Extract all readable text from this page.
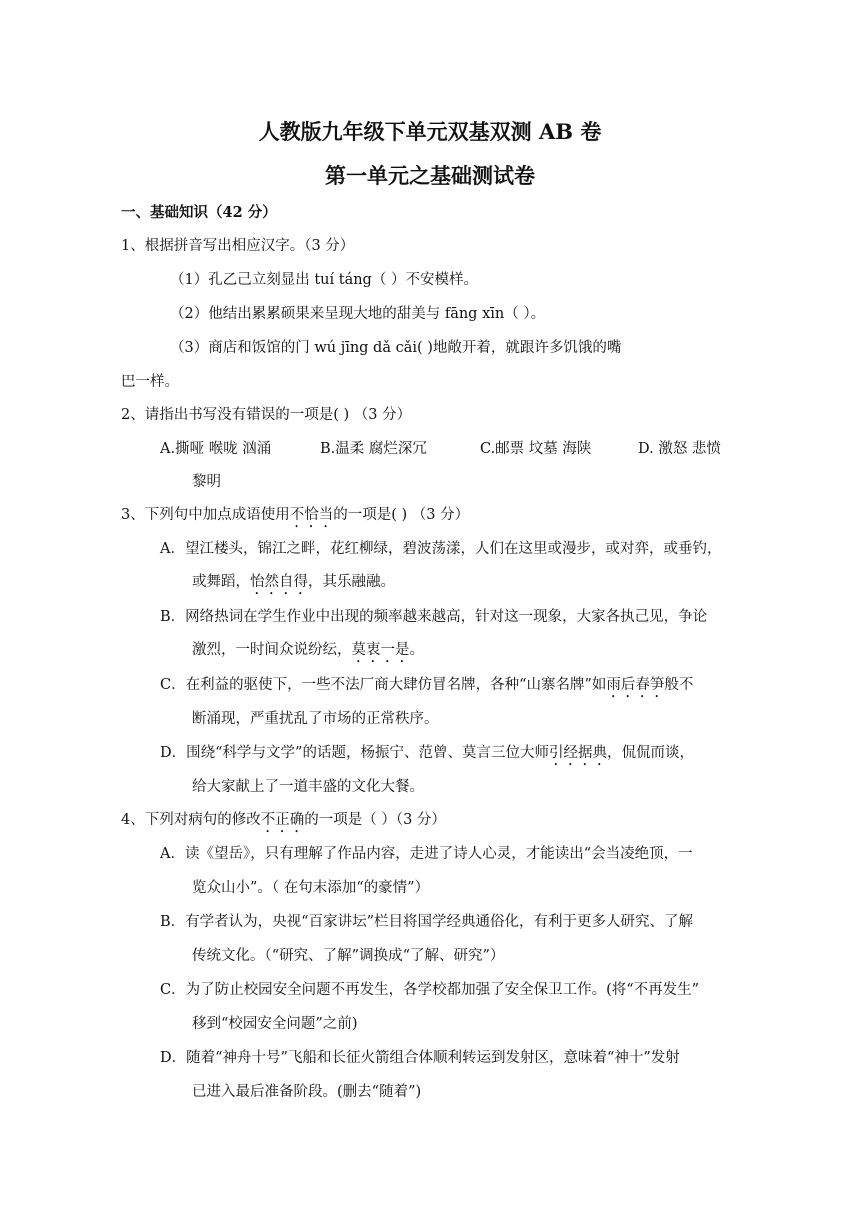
人教版九年级下单元双基双测 AB 卷
第一单元之基础测试卷
一、基础知识（42 分）
1、根据拼音写出相应汉字。（3 分）
（1）孔乙己立刻显出 tuí táng（ ）不安模样。
（2）他结出累累硕果来呈现大地的甜美与 fāng xīn（ ）。
（3）商店和饭馆的门 wú jīng dǎ cǎi( )地敞开着，就跟许多饥饿的嘴
巴一样。
2、请指出书写没有错误的一项是( ) （3 分）
A.撕哑 喉咙 汹涌	B.温柔 腐烂深冗	C.邮票 坟墓 海陕	D. 激怒 悲愤
黎明
3、下列句中加点成语使用不恰当的一项是( ) （3 分）
A．望江楼头，锦江之畔，花红柳绿，碧波荡漾，人们在这里或漫步，或对弈，或垂钓，
或舞蹈，怡然自得，其乐融融。
B．网络热词在学生作业中出现的频率越来越高，针对这一现象，大家各执己见，争论
激烈，一时间众说纷纭，莫衷一是。
C．在利益的驱使下，一些不法厂商大肆仿冒名牌，各种“山寨名牌”如雨后春笋般不
断涌现，严重扰乱了市场的正常秩序。
D．围绕“科学与文学”的话题，杨振宁、范曾、莫言三位大师引经据典，侃侃而谈，
给大家献上了一道丰盛的文化大餐。
4、下列对病句的修改不正确的一项是（ ）（3 分）
A．读《望岳》，只有理解了作品内容，走进了诗人心灵，才能读出“会当凌绝顶，一
览众山小”。（ 在句末添加“的豪情”）
B．有学者认为，央视“百家讲坛”栏目将国学经典通俗化，有利于更多人研究、了解
传统文化。（“研究、了解”调换成“了解、研究”）
C．为了防止校园安全问题不再发生，各学校都加强了安全保卫工作。(将“不再发生”
移到“校园安全问题”之前)
D．随着“神舟十号”飞船和长征火箭组合体顺利转运到发射区，意味着“神十”发射
已进入最后准备阶段。(删去“随着”)
